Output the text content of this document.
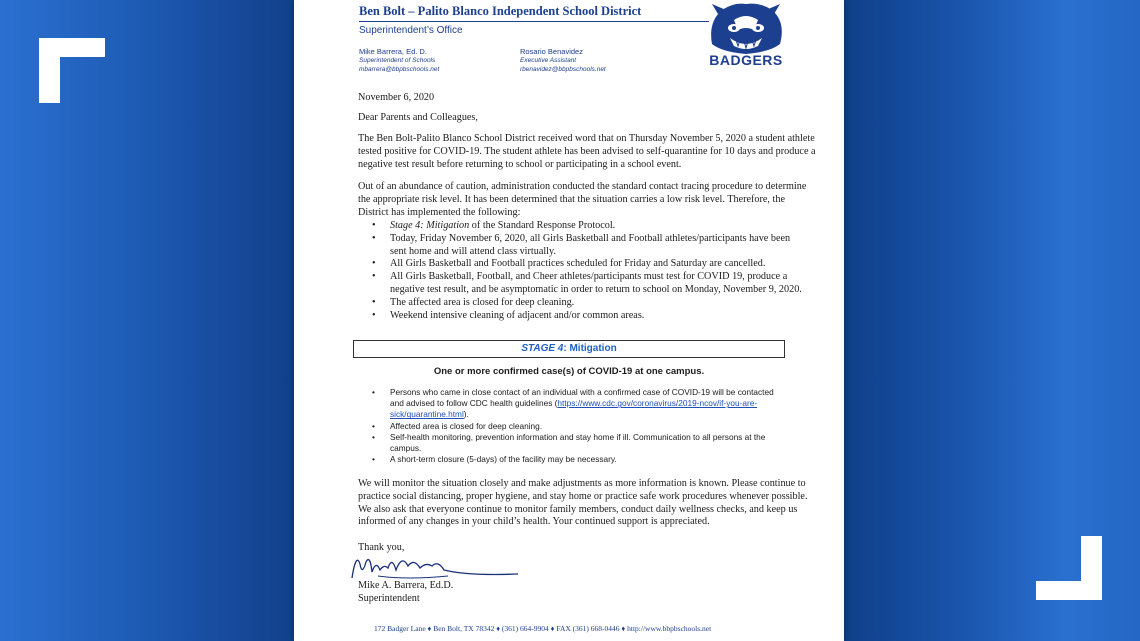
Ben Bolt – Palito Blanco Independent School District
Superintendent’s Office
Mike Barrera, Ed. D.
Superintendent of Schools
mbarrera@bbpbschools.net
Rosario Benavidez
Executive Assistant
rbenavidez@bbpbschools.net
BADGERS
November 6, 2020
Dear Parents and Colleagues,
The Ben Bolt-Palito Blanco School District received word that on Thursday November 5, 2020 a student athlete tested positive for COVID-19. The student athlete has been advised to self-quarantine for 10 days and produce a negative test result before returning to school or participating in a school event.
Out of an abundance of caution, administration conducted the standard contact tracing procedure to determine the appropriate risk level. It has been determined that the situation carries a low risk level. Therefore, the District has implemented the following:
• Stage 4: Mitigation of the Standard Response Protocol.
• Today, Friday November 6, 2020, all Girls Basketball and Football athletes/participants have been sent home and will attend class virtually.
• All Girls Basketball and Football practices scheduled for Friday and Saturday are cancelled.
• All Girls Basketball, Football, and Cheer athletes/participants must test for COVID 19, produce a negative test result, and be asymptomatic in order to return to school on Monday, November 9, 2020.
• The affected area is closed for deep cleaning.
• Weekend intensive cleaning of adjacent and/or common areas.
STAGE 4: Mitigation
One or more confirmed case(s) of COVID-19 at one campus.
• Persons who came in close contact of an individual with a confirmed case of COVID-19 will be contacted and advised to follow CDC health guidelines (https://www.cdc.gov/coronavirus/2019-ncov/if-you-are-sick/quarantine.html).
• Affected area is closed for deep cleaning.
• Self-health monitoring, prevention information and stay home if ill. Communication to all persons at the campus.
• A short-term closure (5-days) of the facility may be necessary.
We will monitor the situation closely and make adjustments as more information is known. Please continue to practice social distancing, proper hygiene, and stay home or practice safe work procedures whenever possible. We also ask that everyone continue to monitor family members, conduct daily wellness checks, and keep us informed of any changes in your child’s health. Your continued support is appreciated.
Thank you,
Mike A. Barrera, Ed.D.
Superintendent
172 Badger Lane ♦ Ben Bolt, TX 78342 ♦ (361) 664-9904 ♦ FAX (361) 668-0446 ♦ http://www.bbpbschools.net
